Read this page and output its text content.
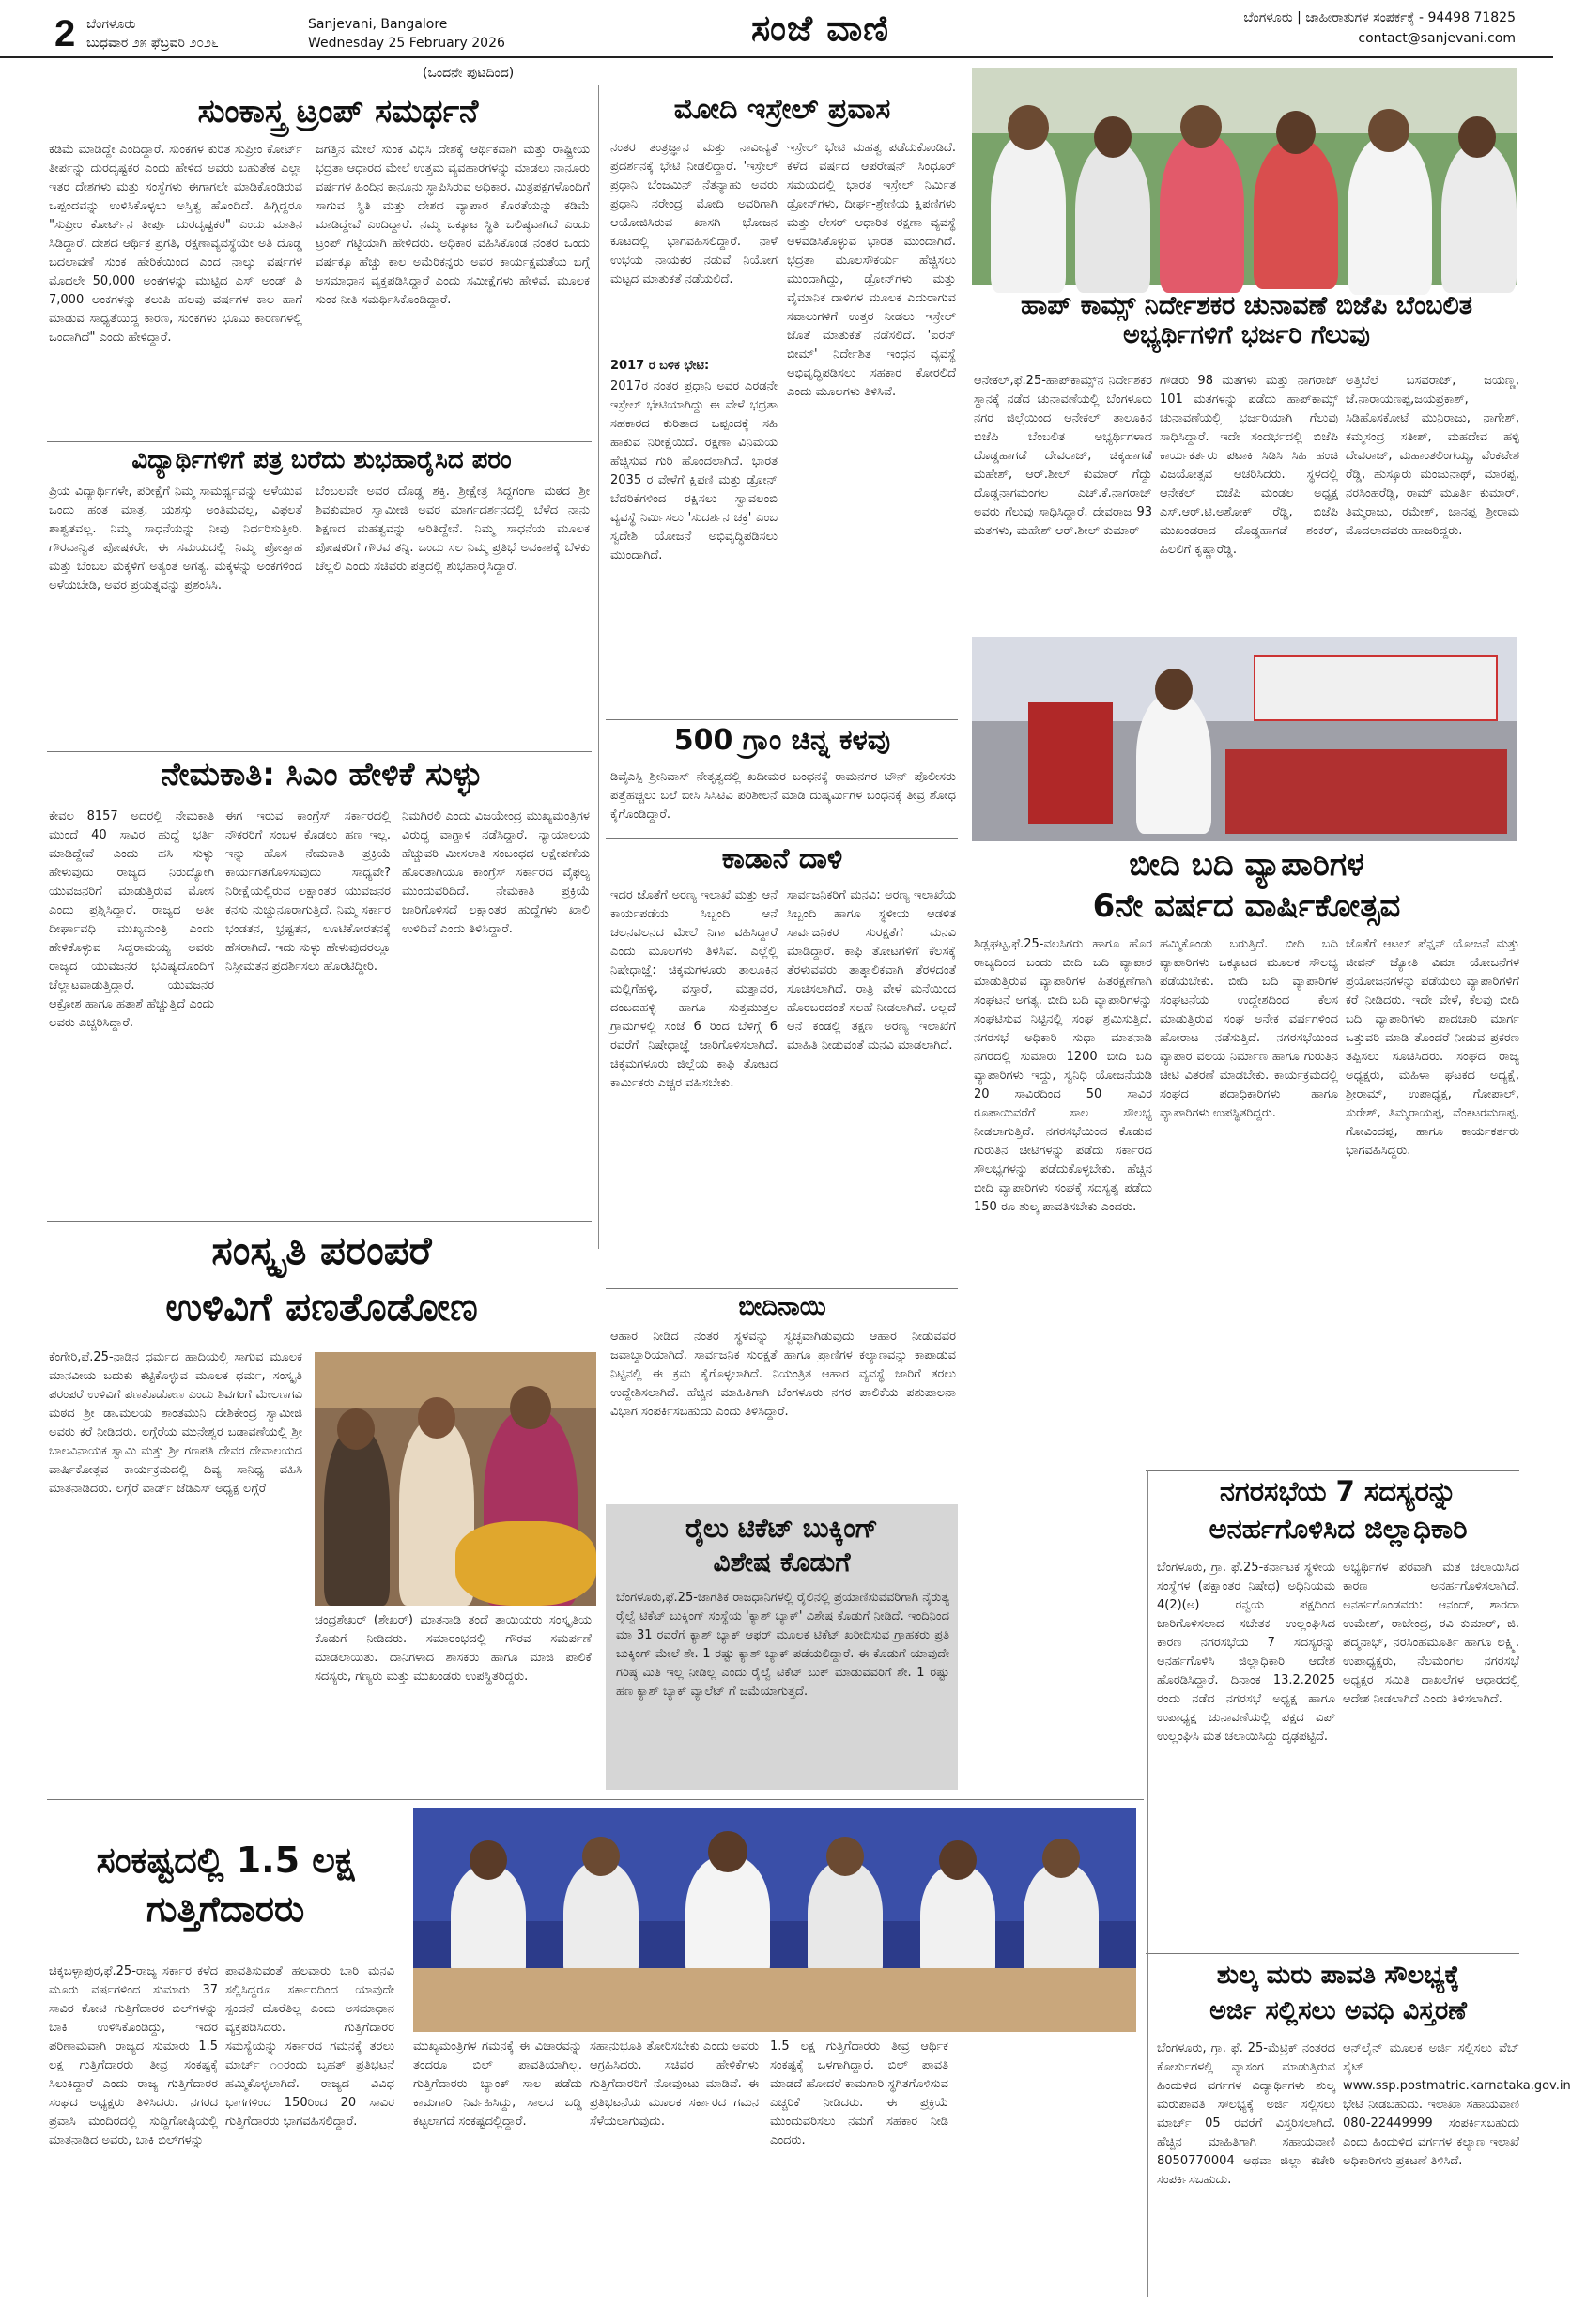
2 ಬೆಂಗಳೂರು
ಬುಧವಾರ ೨೫ ಫೆಬ್ರವರಿ ೨೦೨೬
Sanjevani, Bangalore
Wednesday 25 February 2026	ಸಂಜೆ ವಾಣಿ	ಬೆಂಗಳೂರು | ಜಾಹೀರಾತುಗಳ ಸಂಪರ್ಕಕ್ಕೆ - 94498 71825
contact@sanjevani.com
(ಒಂದನೇ ಪುಟದಿಂದ)
ಸುಂಕಾಸ್ತ್ರ ಟ್ರಂಪ್ ಸಮರ್ಥನೆ
ಕಡಿಮೆ ಮಾಡಿದ್ದೇ ಎಂದಿದ್ದಾರೆ. ಸುಂಕಗಳ ಕುರಿತ ಸುಪ್ರೀಂ ಕೋರ್ಟ್ ತೀರ್ಪನ್ನು ದುರದೃಷ್ಟಕರ ಎಂದು ಹೇಳಿದ ಅವರು ಬಹುತೇಕ ಎಲ್ಲಾ ಇತರ ದೇಶಗಳು ಮತ್ತು ಸಂಸ್ಥೆಗಳು ಈಗಾಗಲೇ ಮಾಡಿಕೊಂಡಿರುವ ಒಪ್ಪಂದವನ್ನು ಉಳಿಸಿಕೊಳ್ಳಲು ಅಸ್ತಿತ್ವ ಹೊಂದಿದೆ. ಹಿಗ್ಗಿದ್ದರೂ "ಸುಪ್ರೀಂ ಕೋರ್ಟ್‌ನ ತೀರ್ಪು ದುರದೃಷ್ಟಕರ" ಎಂದು ಮಾತಿನ ಸಿಡಿದ್ದಾರೆ. ದೇಶದ ಆರ್ಥಿಕ ಪ್ರಗತಿ, ರಕ್ಷಣಾವ್ಯವಸ್ಥೆಯೇ ಅತಿ ದೊಡ್ಡ ಬದಲಾವಣೆ ಸುಂಕ ಹೇರಿಕೆಯಿಂದ ಎಂದ ನಾಲ್ಕು ವರ್ಷಗಳ ಮೊದಲೇ 50,000 ಅಂಕಗಳನ್ನು ಮುಟ್ಟಿದ ಎಸ್ ಅಂಡ್ ಪಿ 7,000 ಅಂಕಗಳನ್ನು ತಲುಪಿ ಹಲವು ವರ್ಷಗಳ ಕಾಲ ಹಾಗೆ ಮಾಡುವ ಸಾಧ್ಯತೆಯಿದ್ದ ಕಾರಣ, ಸುಂಕಗಳು ಭೂಮಿ ಕಾರಣಗಳಲ್ಲಿ ಒಂದಾಗಿದೆ" ಎಂದು ಹೇಳಿದ್ದಾರೆ.
ಜಗತ್ತಿನ ಮೇಲೆ ಸುಂಕ ವಿಧಿಸಿ ದೇಶಕ್ಕೆ ಆರ್ಥಿಕವಾಗಿ ಮತ್ತು ರಾಷ್ಟ್ರೀಯ ಭದ್ರತಾ ಆಧಾರದ ಮೇಲೆ ಉತ್ತಮ ವ್ಯವಹಾರಗಳನ್ನು ಮಾಡಲು ನಾನೂರು ವರ್ಷಗಳ ಹಿಂದಿನ ಕಾನೂನು ಸ್ಥಾಪಿಸಿರುವ ಅಧಿಕಾರ. ಮಿತ್ರಪಕ್ಷಗಳೊಂದಿಗೆ ಸಾಗುವ ಸ್ಥಿತಿ ಮತ್ತು ದೇಶದ ವ್ಯಾಪಾರ ಕೊರತೆಯನ್ನು ಕಡಿಮೆ ಮಾಡಿದ್ದೇವೆ ಎಂದಿದ್ದಾರೆ. ನಮ್ಮ ಒಕ್ಕೂಟ ಸ್ಥಿತಿ ಬಲಿಷ್ಠವಾಗಿದೆ ಎಂದು ಟ್ರಂಪ್ ಗಟ್ಟಿಯಾಗಿ ಹೇಳಿದರು. ಅಧಿಕಾರ ವಹಿಸಿಕೊಂಡ ನಂತರ ಒಂದು ವರ್ಷಕ್ಕೂ ಹೆಚ್ಚು ಕಾಲ ಅಮೆರಿಕನ್ನರು ಅವರ ಕಾರ್ಯಕ್ಷಮತೆಯ ಬಗ್ಗೆ ಅಸಮಾಧಾನ ವ್ಯಕ್ತಪಡಿಸಿದ್ದಾರೆ ಎಂದು ಸಮೀಕ್ಷೆಗಳು ಹೇಳಿವೆ. ಮೂಲಕ ಸುಂಕ ನೀತಿ ಸಮರ್ಥಿಸಿಕೊಂಡಿದ್ದಾರೆ.
ವಿದ್ಯಾರ್ಥಿಗಳಿಗೆ ಪತ್ರ ಬರೆದು ಶುಭಹಾರೈಸಿದ ಪರಂ
ಪ್ರಿಯ ವಿದ್ಯಾರ್ಥಿಗಳೇ, ಪರೀಕ್ಷೆಗೆ ನಿಮ್ಮ ಸಾಮರ್ಥ್ಯವನ್ನು ಅಳೆಯುವ ಒಂದು ಹಂತ ಮಾತ್ರ. ಯಶಸ್ಸು ಅಂತಿಮವಲ್ಲ, ವಿಫಲತೆ ಶಾಶ್ವತವಲ್ಲ. ನಿಮ್ಮ ಸಾಧನೆಯನ್ನು ನೀವು ನಿರ್ಧರಿಸುತ್ತೀರಿ. ಗೌರವಾನ್ವಿತ ಪೋಷಕರೇ, ಈ ಸಮಯದಲ್ಲಿ ನಿಮ್ಮ ಪ್ರೋತ್ಸಾಹ ಮತ್ತು ಬೆಂಬಲ ಮಕ್ಕಳಿಗೆ ಅತ್ಯಂತ ಅಗತ್ಯ. ಮಕ್ಕಳನ್ನು ಅಂಕಗಳಿಂದ ಅಳೆಯಬೇಡಿ, ಅವರ ಪ್ರಯತ್ನವನ್ನು ಪ್ರಶಂಸಿಸಿ.
ಬೆಂಬಲವೇ ಅವರ ದೊಡ್ಡ ಶಕ್ತಿ. ಶ್ರೀಕ್ಷೇತ್ರ ಸಿದ್ಧಗಂಗಾ ಮಠದ ಶ್ರೀ ಶಿವಕುಮಾರ ಸ್ವಾಮೀಜಿ ಅವರ ಮಾರ್ಗದರ್ಶನದಲ್ಲಿ ಬೆಳೆದ ನಾನು ಶಿಕ್ಷಣದ ಮಹತ್ವವನ್ನು ಅರಿತಿದ್ದೇನೆ. ನಿಮ್ಮ ಸಾಧನೆಯ ಮೂಲಕ ಪೋಷಕರಿಗೆ ಗೌರವ ತನ್ನಿ. ಒಂದು ಸಲ ನಿಮ್ಮ ಪ್ರತಿಭೆ ಅವಕಾಶಕ್ಕೆ ಬೆಳಕು ಚೆಲ್ಲಲಿ ಎಂದು ಸಚಿವರು ಪತ್ರದಲ್ಲಿ ಶುಭಹಾರೈಸಿದ್ದಾರೆ.
ನೇಮಕಾತಿ: ಸಿಎಂ ಹೇಳಿಕೆ ಸುಳ್ಳು
ಕೇವಲ 8157 ಅದರಲ್ಲಿ ನೇಮಕಾತಿ ಮುಂದೆ 40 ಸಾವಿರ ಹುದ್ದೆ ಭರ್ತಿ ಮಾಡಿದ್ದೇವೆ ಎಂದು ಹಸಿ ಸುಳ್ಳು ಹೇಳುವುದು ರಾಜ್ಯದ ನಿರುದ್ಯೋಗಿ ಯುವಜನರಿಗೆ ಮಾಡುತ್ತಿರುವ ಮೋಸ ಎಂದು ಪ್ರಶ್ನಿಸಿದ್ದಾರೆ. ರಾಜ್ಯದ ಅತೀ ದೀರ್ಘಾವಧಿ ಮುಖ್ಯಮಂತ್ರಿ ಎಂದು ಹೇಳಿಕೊಳ್ಳುವ ಸಿದ್ದರಾಮಯ್ಯ ಅವರು ರಾಜ್ಯದ ಯುವಜನರ ಭವಿಷ್ಯದೊಂದಿಗೆ ಚೆಲ್ಲಾಟವಾಡುತ್ತಿದ್ದಾರೆ. ಯುವಜನರ ಆಕ್ರೋಶ ಹಾಗೂ ಹತಾಶೆ ಹೆಚ್ಚುತ್ತಿದೆ ಎಂದು ಅವರು ಎಚ್ಚರಿಸಿದ್ದಾರೆ.
ಈಗ ಇರುವ ಕಾಂಗ್ರೆಸ್ ಸರ್ಕಾರದಲ್ಲಿ ನೌಕರರಿಗೆ ಸಂಬಳ ಕೊಡಲು ಹಣ ಇಲ್ಲ. ಇನ್ನು ಹೊಸ ನೇಮಕಾತಿ ಪ್ರಕ್ರಿಯೆ ಕಾರ್ಯಗತಗೊಳಿಸುವುದು ಸಾಧ್ಯವೇ? ನಿರೀಕ್ಷೆಯಲ್ಲಿರುವ ಲಕ್ಷಾಂತರ ಯುವಜನರ ಕನಸು ನುಚ್ಚುನೂರಾಗುತ್ತಿದೆ. ನಿಮ್ಮ ಸರ್ಕಾರ ಭಂಡತನ, ಭ್ರಷ್ಟತನ, ಲೂಟಿಕೋರತನಕ್ಕೆ ಹೆಸರಾಗಿದೆ. ಇದು ಸುಳ್ಳು ಹೇಳುವುದರಲ್ಲೂ ನಿಸ್ಸೀಮತನ ಪ್ರದರ್ಶಿಸಲು ಹೊರಟಿದ್ದೀರಿ.
ನಿಮಗಿರಲಿ ಎಂದು ವಿಜಯೇಂದ್ರ ಮುಖ್ಯಮಂತ್ರಿಗಳ ವಿರುದ್ಧ ವಾಗ್ದಾಳಿ ನಡೆಸಿದ್ದಾರೆ. ನ್ಯಾಯಾಲಯ ಹೆಚ್ಚುವರಿ ಮೀಸಲಾತಿ ಸಂಬಂಧದ ಆಕ್ಷೇಪಣೆಯ ಹೊರತಾಗಿಯೂ ಕಾಂಗ್ರೆಸ್ ಸರ್ಕಾರದ ವೈಫಲ್ಯ ಮುಂದುವರಿದಿದೆ. ನೇಮಕಾತಿ ಪ್ರಕ್ರಿಯೆ ಜಾರಿಗೊಳಿಸದೆ ಲಕ್ಷಾಂತರ ಹುದ್ದೆಗಳು ಖಾಲಿ ಉಳಿದಿವೆ ಎಂದು ತಿಳಿಸಿದ್ದಾರೆ.
ಸಂಸ್ಕೃತಿ ಪರಂಪರೆ
ಉಳಿವಿಗೆ ಪಣತೊಡೋಣ
ಕೆಂಗೇರಿ,ಫೆ.25-ನಾಡಿನ ಧರ್ಮದ ಹಾದಿಯಲ್ಲಿ ಸಾಗುವ ಮೂಲಕ ಮಾನವೀಯ ಬದುಕು ಕಟ್ಟಿಕೊಳ್ಳುವ ಮೂಲಕ ಧರ್ಮ, ಸಂಸ್ಕೃತಿ ಪರಂಪರೆ ಉಳಿವಿಗೆ ಪಣತೊಡೋಣ ಎಂದು ಶಿವಗಂಗೆ ಮೇಲಣಗವಿ ಮಠದ ಶ್ರೀ ಡಾ.ಮಲಯ ಶಾಂತಮುನಿ ದೇಶಿಕೇಂದ್ರ ಸ್ವಾಮೀಜಿ ಅವರು ಕರೆ ನೀಡಿದರು. ಲಗ್ಗೆರೆಯ ಮುನೇಶ್ವರ ಬಡಾವಣೆಯಲ್ಲಿ ಶ್ರೀ ಬಾಲವಿನಾಯಕ ಸ್ವಾಮಿ ಮತ್ತು ಶ್ರೀ ಗಣಪತಿ ದೇವರ ದೇವಾಲಯದ ವಾರ್ಷಿಕೋತ್ಸವ ಕಾರ್ಯಕ್ರಮದಲ್ಲಿ ದಿವ್ಯ ಸಾನಿಧ್ಯ ವಹಿಸಿ ಮಾತನಾಡಿದರು. ಲಗ್ಗೆರೆ ವಾರ್ಡ್ ಜೆಡಿಎಸ್ ಅಧ್ಯಕ್ಷ ಲಗ್ಗೆರೆ
ಚಂದ್ರಶೇಖರ್ (ಶೇಖರ್) ಮಾತನಾಡಿ ತಂದೆ ತಾಯಿಯರು ಸಂಸ್ಕೃತಿಯ ಕೊಡುಗೆ ನೀಡಿದರು. ಸಮಾರಂಭದಲ್ಲಿ ಗೌರವ ಸಮರ್ಪಣೆ ಮಾಡಲಾಯಿತು. ದಾನಿಗಳಾದ ಶಾಸಕರು ಹಾಗೂ ಮಾಜಿ ಪಾಲಿಕೆ ಸದಸ್ಯರು, ಗಣ್ಯರು ಮತ್ತು ಮುಖಂಡರು ಉಪಸ್ಥಿತರಿದ್ದರು.
ಮೋದಿ ಇಸ್ರೇಲ್ ಪ್ರವಾಸ
ನಂತರ ತಂತ್ರಜ್ಞಾನ ಮತ್ತು ನಾವೀನ್ಯತೆ ಪ್ರದರ್ಶನಕ್ಕೆ ಭೇಟಿ ನೀಡಲಿದ್ದಾರೆ. 'ಇಸ್ರೇಲ್ ಪ್ರಧಾನಿ ಬೆಂಜಮಿನ್ ನೆತನ್ಯಾಹು ಅವರು ಪ್ರಧಾನಿ ನರೇಂದ್ರ ಮೋದಿ ಅವರಿಗಾಗಿ ಆಯೋಜಿಸಿರುವ ಖಾಸಗಿ ಭೋಜನ ಕೂಟದಲ್ಲಿ ಭಾಗವಹಿಸಲಿದ್ದಾರೆ. ನಾಳೆ ಉಭಯ ನಾಯಕರ ನಡುವೆ ನಿಯೋಗ ಮಟ್ಟದ ಮಾತುಕತೆ ನಡೆಯಲಿದೆ.
2017 ರ ಬಳಿಕ ಭೇಟಿ:
2017ರ ನಂತರ ಪ್ರಧಾನಿ ಅವರ ಎರಡನೇ ಇಸ್ರೇಲ್ ಭೇಟಿಯಾಗಿದ್ದು ಈ ವೇಳೆ ಭದ್ರತಾ ಸಹಕಾರದ ಕುರಿತಾದ ಒಪ್ಪಂದಕ್ಕೆ ಸಹಿ ಹಾಕುವ ನಿರೀಕ್ಷೆಯಿದೆ. ರಕ್ಷಣಾ ವಿನಿಮಯ ಹೆಚ್ಚಿಸುವ ಗುರಿ ಹೊಂದಲಾಗಿದೆ. ಭಾರತ 2035 ರ ವೇಳೆಗೆ ಕ್ಷಿಪಣಿ ಮತ್ತು ಡ್ರೋನ್ ಬೆದರಿಕೆಗಳಿಂದ ರಕ್ಷಿಸಲು ಸ್ವಾವಲಂಬಿ ವ್ಯವಸ್ಥೆ ನಿರ್ಮಿಸಲು 'ಸುದರ್ಶನ ಚಕ್ರ' ಎಂಬ ಸ್ವದೇಶಿ ಯೋಜನೆ ಅಭಿವೃದ್ಧಿಪಡಿಸಲು ಮುಂದಾಗಿದೆ.
ಇಸ್ರೇಲ್ ಭೇಟಿ ಮಹತ್ವ ಪಡೆದುಕೊಂಡಿದೆ. ಕಳೆದ ವರ್ಷದ ಆಪರೇಷನ್ ಸಿಂಧೂರ್ ಸಮಯದಲ್ಲಿ ಭಾರತ ಇಸ್ರೇಲ್ ನಿರ್ಮಿತ ಡ್ರೋನ್‌ಗಳು, ದೀರ್ಘ-ಶ್ರೇಣಿಯ ಕ್ಷಿಪಣಿಗಳು ಮತ್ತು ಲೇಸರ್ ಆಧಾರಿತ ರಕ್ಷಣಾ ವ್ಯವಸ್ಥೆ ಅಳವಡಿಸಿಕೊಳ್ಳುವ ಭಾರತ ಮುಂದಾಗಿದೆ. ಭದ್ರತಾ ಮೂಲಸೌಕರ್ಯ ಹೆಚ್ಚಿಸಲು ಮುಂದಾಗಿದ್ದು, ಡ್ರೋನ್‌ಗಳು ಮತ್ತು ವೈಮಾನಿಕ ದಾಳಿಗಳ ಮೂಲಕ ಎದುರಾಗುವ ಸವಾಲುಗಳಿಗೆ ಉತ್ತರ ನೀಡಲು ಇಸ್ರೇಲ್ ಜೊತೆ ಮಾತುಕತೆ ನಡೆಸಲಿದೆ. 'ಐರನ್ ಬೀಮ್' ನಿರ್ದೇಶಿತ ಇಂಧನ ವ್ಯವಸ್ಥೆ ಅಭಿವೃದ್ಧಿಪಡಿಸಲು ಸಹಕಾರ ಕೋರಲಿದೆ ಎಂದು ಮೂಲಗಳು ತಿಳಿಸಿವೆ.
500 ಗ್ರಾಂ ಚಿನ್ನ ಕಳವು
ಡಿವೈಎಸ್ಪಿ ಶ್ರೀನಿವಾಸ್ ನೇತೃತ್ವದಲ್ಲಿ ಖದೀಮರ ಬಂಧನಕ್ಕೆ ರಾಮನಗರ ಟೌನ್ ಪೊಲೀಸರು ಪತ್ತೆಹಚ್ಚಲು ಬಲೆ ಬೀಸಿ ಸಿಸಿಟಿವಿ ಪರಿಶೀಲನೆ ಮಾಡಿ ದುಷ್ಕರ್ಮಿಗಳ ಬಂಧನಕ್ಕೆ ತೀವ್ರ ಶೋಧ ಕೈಗೊಂಡಿದ್ದಾರೆ.
ಕಾಡಾನೆ ದಾಳಿ
ಇದರ ಜೊತೆಗೆ ಅರಣ್ಯ ಇಲಾಖೆ ಮತ್ತು ಆನೆ ಕಾರ್ಯಪಡೆಯ ಸಿಬ್ಬಂದಿ ಆನೆ ಚಲನವಲನದ ಮೇಲೆ ನಿಗಾ ವಹಿಸಿದ್ದಾರೆ ಎಂದು ಮೂಲಗಳು ತಿಳಿಸಿವೆ. ಎಲ್ಲೆಲ್ಲಿ ನಿಷೇಧಾಜ್ಞೆ: ಚಿಕ್ಕಮಗಳೂರು ತಾಲೂಕಿನ ಮಲ್ಲಿಗೆಹಳ್ಳಿ, ವಸ್ತಾರೆ, ಮತ್ತಾವರ, ದಂಬದಹಳ್ಳಿ ಹಾಗೂ ಸುತ್ತಮುತ್ತಲ ಗ್ರಾಮಗಳಲ್ಲಿ ಸಂಜೆ 6 ರಿಂದ ಬೆಳಿಗ್ಗೆ 6 ರವರೆಗೆ ನಿಷೇಧಾಜ್ಞೆ ಜಾರಿಗೊಳಿಸಲಾಗಿದೆ. ಚಿಕ್ಕಮಗಳೂರು ಜಿಲ್ಲೆಯ ಕಾಫಿ ತೋಟದ ಕಾರ್ಮಿಕರು ಎಚ್ಚರ ವಹಿಸಬೇಕು.
ಸಾರ್ವಜನಿಕರಿಗೆ ಮನವಿ: ಅರಣ್ಯ ಇಲಾಖೆಯ ಸಿಬ್ಬಂದಿ ಹಾಗೂ ಸ್ಥಳೀಯ ಆಡಳಿತ ಸಾರ್ವಜನಿಕರ ಸುರಕ್ಷತೆಗೆ ಮನವಿ ಮಾಡಿದ್ದಾರೆ. ಕಾಫಿ ತೋಟಗಳಿಗೆ ಕೆಲಸಕ್ಕೆ ತೆರಳುವವರು ತಾತ್ಕಾಲಿಕವಾಗಿ ತೆರಳದಂತೆ ಸೂಚಿಸಲಾಗಿದೆ. ರಾತ್ರಿ ವೇಳೆ ಮನೆಯಿಂದ ಹೊರಬರದಂತೆ ಸಲಹೆ ನೀಡಲಾಗಿದೆ. ಅಲ್ಲದೆ ಆನೆ ಕಂಡಲ್ಲಿ ತಕ್ಷಣ ಅರಣ್ಯ ಇಲಾಖೆಗೆ ಮಾಹಿತಿ ನೀಡುವಂತೆ ಮನವಿ ಮಾಡಲಾಗಿದೆ.
ಬೀದಿನಾಯಿ
ಆಹಾರ ನೀಡಿದ ನಂತರ ಸ್ಥಳವನ್ನು ಸ್ವಚ್ಛವಾಗಿಡುವುದು ಆಹಾರ ನೀಡುವವರ ಜವಾಬ್ದಾರಿಯಾಗಿದೆ. ಸಾರ್ವಜನಿಕ ಸುರಕ್ಷತೆ ಹಾಗೂ ಪ್ರಾಣಿಗಳ ಕಲ್ಯಾಣವನ್ನು ಕಾಪಾಡುವ ನಿಟ್ಟಿನಲ್ಲಿ ಈ ಕ್ರಮ ಕೈಗೊಳ್ಳಲಾಗಿದೆ. ನಿಯಂತ್ರಿತ ಆಹಾರ ವ್ಯವಸ್ಥೆ ಜಾರಿಗೆ ತರಲು ಉದ್ದೇಶಿಸಲಾಗಿದೆ. ಹೆಚ್ಚಿನ ಮಾಹಿತಿಗಾಗಿ ಬೆಂಗಳೂರು ನಗರ ಪಾಲಿಕೆಯ ಪಶುಪಾಲನಾ ವಿಭಾಗ ಸಂಪರ್ಕಿಸಬಹುದು ಎಂದು ತಿಳಿಸಿದ್ದಾರೆ.
ರೈಲು ಟಿಕೆಟ್ ಬುಕ್ಕಿಂಗ್
ವಿಶೇಷ ಕೊಡುಗೆ
ಬೆಂಗಳೂರು,ಫೆ.25-ಜಾಗತಿಕ ರಾಜಧಾನಿಗಳಲ್ಲಿ ರೈಲಿನಲ್ಲಿ ಪ್ರಯಾಣಿಸುವವರಿಗಾಗಿ ನೈರುತ್ಯ ರೈಲ್ವೆ ಟಿಕೆಟ್ ಬುಕ್ಕಿಂಗ್ ಸಂಸ್ಥೆಯ 'ಕ್ಯಾಶ್ ಬ್ಯಾಕ್' ವಿಶೇಷ ಕೊಡುಗೆ ನೀಡಿದೆ. ಇಂದಿನಿಂದ ಮಾ 31 ರವರೆಗೆ ಕ್ಯಾಶ್ ಬ್ಯಾಕ್ ಆಫರ್ ಮೂಲಕ ಟಿಕೆಟ್ ಖರೀದಿಸುವ ಗ್ರಾಹಕರು ಪ್ರತಿ ಬುಕ್ಕಿಂಗ್ ಮೇಲೆ ಶೇ. 1 ರಷ್ಟು ಕ್ಯಾಶ್ ಬ್ಯಾಕ್ ಪಡೆಯಲಿದ್ದಾರೆ. ಈ ಕೊಡುಗೆ ಯಾವುದೇ ಗರಿಷ್ಠ ಮಿತಿ ಇಲ್ಲ ನೀಡಿಲ್ಲ ಎಂದು ರೈಲ್ವೆ ಟಿಕೆಟ್ ಬುಕ್ ಮಾಡುವವರಿಗೆ ಶೇ. 1 ರಷ್ಟು ಹಣ ಕ್ಯಾಶ್ ಬ್ಯಾಕ್ ವ್ಯಾಲೆಟ್ ಗೆ ಜಮೆಯಾಗುತ್ತದೆ.
ಹಾಪ್ ಕಾಮ್ಸ್ ನಿರ್ದೇಶಕರ ಚುನಾವಣೆ ಬಿಜೆಪಿ ಬೆಂಬಲಿತ ಅಭ್ಯರ್ಥಿಗಳಿಗೆ ಭರ್ಜರಿ ಗೆಲುವು
ಆನೇಕಲ್,ಫೆ.25-ಹಾಪ್‌ಕಾಮ್ಸ್‌ನ ನಿರ್ದೇಶಕರ ಸ್ಥಾನಕ್ಕೆ ನಡೆದ ಚುನಾವಣೆಯಲ್ಲಿ ಬೆಂಗಳೂರು ನಗರ ಜಿಲ್ಲೆಯಿಂದ ಆನೇಕಲ್ ತಾಲೂಕಿನ ಬಿಜೆಪಿ ಬೆಂಬಲಿತ ಅಭ್ಯರ್ಥಿಗಳಾದ ದೊಡ್ಡಹಾಗಡೆ ದೇವರಾಜ್, ಚಿಕ್ಕಹಾಗಡೆ ಮಹೇಶ್, ಆರ್.ಶೀಲ್ ಕುಮಾರ್ ಗೆದ್ದು ದೊಡ್ಡನಾಗಮಂಗಲ ಎಚ್.ಕೆ.ನಾಗರಾಜ್ ಅವರು ಗೆಲುವು ಸಾಧಿಸಿದ್ದಾರೆ. ದೇವರಾಜ 93 ಮತಗಳು, ಮಹೇಶ್ ಆರ್.ಶೀಲ್ ಕುಮಾರ್
ಗೌಡರು 98 ಮತಗಳು ಮತ್ತು ನಾಗರಾಜ್ 101 ಮತಗಳನ್ನು ಪಡೆದು ಹಾಪ್‌ಕಾಮ್ಸ್ ಚುನಾವಣೆಯಲ್ಲಿ ಭರ್ಜರಿಯಾಗಿ ಗೆಲುವು ಸಾಧಿಸಿದ್ದಾರೆ. ಇದೇ ಸಂದರ್ಭದಲ್ಲಿ ಬಿಜೆಪಿ ಕಾರ್ಯಕರ್ತರು ಪಟಾಕಿ ಸಿಡಿಸಿ ಸಿಹಿ ಹಂಚಿ ವಿಜಯೋತ್ಸವ ಆಚರಿಸಿದರು. ಸ್ಥಳದಲ್ಲಿ ಆನೇಕಲ್ ಬಿಜೆಪಿ ಮಂಡಲ ಅಧ್ಯಕ್ಷ ಎಸ್.ಆರ್.ಟಿ.ಅಶೋಕ್ ರೆಡ್ಡಿ, ಬಿಜೆಪಿ ಮುಖಂಡರಾದ ದೊಡ್ಡಹಾಗಡೆ ಶಂಕರ್, ಹಿಲಲಿಗೆ ಕೃಷ್ಣಾರೆಡ್ಡಿ.
ಅತ್ತಿಬೆಲೆ ಬಸವರಾಜ್, ಜಯಣ್ಣ, ಜೆ.ನಾರಾಯಣಪ್ಪ,ಜಯಪ್ರಕಾಶ್, ಸಿಡಿಹೊಸಕೋಟೆ ಮುನಿರಾಜು, ನಾಗೇಶ್, ಕಮ್ಮಸಂದ್ರ ಸತೀಶ್, ಮಹದೇವ ಹಳ್ಳಿ ದೇವರಾಜ್, ಮಹಾಂತಲಿಂಗಯ್ಯ, ವೆಂಕಟೇಶ ರೆಡ್ಡಿ, ಹುಸ್ಕೂರು ಮಂಜುನಾಥ್, ಮಾರಪ್ಪ, ನರಸಿಂಹರೆಡ್ಡಿ, ರಾಮ್ ಮೂರ್ತಿ ಕುಮಾರ್, ತಿಮ್ಮರಾಜು, ರಮೇಶ್, ಜಾನಪ್ಪ ಶ್ರೀರಾಮ ಮೊದಲಾದವರು ಹಾಜರಿದ್ದರು.
ಬೀದಿ ಬದಿ ವ್ಯಾಪಾರಿಗಳ
6ನೇ ವರ್ಷದ ವಾರ್ಷಿಕೋತ್ಸವ
ಶಿಡ್ಲಘಟ್ಟ,ಫೆ.25-ವಲಸಿಗರು ಹಾಗೂ ಹೊರ ರಾಜ್ಯದಿಂದ ಬಂದು ಬೀದಿ ಬದಿ ವ್ಯಾಪಾರ ಮಾಡುತ್ತಿರುವ ವ್ಯಾಪಾರಿಗಳ ಹಿತರಕ್ಷಣೆಗಾಗಿ ಸಂಘಟನೆ ಅಗತ್ಯ. ಬೀದಿ ಬದಿ ವ್ಯಾಪಾರಿಗಳನ್ನು ಸಂಘಟಿಸುವ ನಿಟ್ಟಿನಲ್ಲಿ ಸಂಘ ಶ್ರಮಿಸುತ್ತಿದೆ. ನಗರಸಭೆ ಅಧಿಕಾರಿ ಸುಧಾ ಮಾತನಾಡಿ ನಗರದಲ್ಲಿ ಸುಮಾರು 1200 ಬೀದಿ ಬದಿ ವ್ಯಾಪಾರಿಗಳು ಇದ್ದು, ಸ್ವನಿಧಿ ಯೋಜನೆಯಡಿ 20 ಸಾವಿರದಿಂದ 50 ಸಾವಿರ ರೂಪಾಯಿವರೆಗೆ ಸಾಲ ಸೌಲಭ್ಯ ನೀಡಲಾಗುತ್ತಿದೆ. ನಗರಸಭೆಯಿಂದ ಕೊಡುವ ಗುರುತಿನ ಚೀಟಿಗಳನ್ನು ಪಡೆದು ಸರ್ಕಾರದ ಸೌಲಭ್ಯಗಳನ್ನು ಪಡೆದುಕೊಳ್ಳಬೇಕು. ಹೆಚ್ಚಿನ ಬೀದಿ ವ್ಯಾಪಾರಿಗಳು ಸಂಘಕ್ಕೆ ಸದಸ್ಯತ್ವ ಪಡೆದು 150 ರೂ ಶುಲ್ಕ ಪಾವತಿಸಬೇಕು ಎಂದರು.
ಹಮ್ಮಿಕೊಂಡು ಬರುತ್ತಿದೆ. ಬೀದಿ ಬದಿ ವ್ಯಾಪಾರಿಗಳು ಒಕ್ಕೂಟದ ಮೂಲಕ ಸೌಲಭ್ಯ ಪಡೆಯಬೇಕು. ಬೀದಿ ಬದಿ ವ್ಯಾಪಾರಿಗಳ ಸಂಘಟನೆಯ ಉದ್ದೇಶದಿಂದ ಕೆಲಸ ಮಾಡುತ್ತಿರುವ ಸಂಘ ಅನೇಕ ವರ್ಷಗಳಿಂದ ಹೋರಾಟ ನಡೆಸುತ್ತಿದೆ. ನಗರಸಭೆಯಿಂದ ವ್ಯಾಪಾರ ವಲಯ ನಿರ್ಮಾಣ ಹಾಗೂ ಗುರುತಿನ ಚೀಟಿ ವಿತರಣೆ ಮಾಡಬೇಕು. ಕಾರ್ಯಕ್ರಮದಲ್ಲಿ ಸಂಘದ ಪದಾಧಿಕಾರಿಗಳು ಹಾಗೂ ವ್ಯಾಪಾರಿಗಳು ಉಪಸ್ಥಿತರಿದ್ದರು.
ಜೊತೆಗೆ ಆಟಲ್ ಪೆನ್ಷನ್ ಯೋಜನೆ ಮತ್ತು ಜೀವನ್ ಜ್ಯೋತಿ ವಿಮಾ ಯೋಜನೆಗಳ ಪ್ರಯೋಜನಗಳನ್ನು ಪಡೆಯಲು ವ್ಯಾಪಾರಿಗಳಿಗೆ ಕರೆ ನೀಡಿದರು. ಇದೇ ವೇಳೆ, ಕೆಲವು ಬೀದಿ ಬದಿ ವ್ಯಾಪಾರಿಗಳು ಪಾದಚಾರಿ ಮಾರ್ಗ ಒತ್ತುವರಿ ಮಾಡಿ ತೊಂದರೆ ನೀಡುವ ಪ್ರಕರಣ ತಪ್ಪಿಸಲು ಸೂಚಿಸಿದರು. ಸಂಘದ ರಾಜ್ಯ ಅಧ್ಯಕ್ಷರು, ಮಹಿಳಾ ಘಟಕದ ಅಧ್ಯಕ್ಷೆ, ಶ್ರೀರಾಮ್, ಉಪಾಧ್ಯಕ್ಷ, ಗೋಪಾಲ್, ಸುರೇಶ್, ತಿಮ್ಮರಾಯಪ್ಪ, ವೆಂಕಟರಮಣಪ್ಪ, ಗೋವಿಂದಪ್ಪ, ಹಾಗೂ ಕಾರ್ಯಕರ್ತರು ಭಾಗವಹಿಸಿದ್ದರು.
ನಗರಸಭೆಯ 7 ಸದಸ್ಯರನ್ನು
ಅನರ್ಹಗೊಳಿಸಿದ ಜಿಲ್ಲಾಧಿಕಾರಿ
ಬೆಂಗಳೂರು, ಗ್ರಾ. ಫೆ.25-ಕರ್ನಾಟಕ ಸ್ಥಳೀಯ ಸಂಸ್ಥೆಗಳ (ಪಕ್ಷಾಂತರ ನಿಷೇಧ) ಅಧಿನಿಯಮ 4(2)(ಅ) ರನ್ವಯ ಪಕ್ಷದಿಂದ ಜಾರಿಗೊಳಿಸಲಾದ ಸಚೇತಕ ಉಲ್ಲಂಘಿಸಿದ ಕಾರಣ ನಗರಸಭೆಯ 7 ಸದಸ್ಯರನ್ನು ಅನರ್ಹಗೊಳಿಸಿ ಜಿಲ್ಲಾಧಿಕಾರಿ ಆದೇಶ ಹೊರಡಿಸಿದ್ದಾರೆ. ದಿನಾಂಕ 13.2.2025 ರಂದು ನಡೆದ ನಗರಸಭೆ ಅಧ್ಯಕ್ಷ ಹಾಗೂ ಉಪಾಧ್ಯಕ್ಷ ಚುನಾವಣೆಯಲ್ಲಿ ಪಕ್ಷದ ವಿಪ್ ಉಲ್ಲಂಘಿಸಿ ಮತ ಚಲಾಯಿಸಿದ್ದು ದೃಢಪಟ್ಟಿದೆ.
ಅಭ್ಯರ್ಥಿಗಳ ಪರವಾಗಿ ಮತ ಚಲಾಯಿಸಿದ ಕಾರಣ ಅನರ್ಹಗೊಳಿಸಲಾಗಿದೆ. ಅನರ್ಹಗೊಂಡವರು: ಆನಂದ್, ಶಾರದಾ ಉಮೇಶ್, ರಾಜೇಂದ್ರ, ರವಿ ಕುಮಾರ್, ಜಿ. ಪದ್ಮನಾಭ್, ನರಸಿಂಹಮೂರ್ತಿ ಹಾಗೂ ಲಕ್ಷ್ಮಿ. ಉಪಾಧ್ಯಕ್ಷರು, ನೆಲಮಂಗಲ ನಗರಸಭೆ ಅಧ್ಯಕ್ಷರ ಸಮಿತಿ ದಾಖಲೆಗಳ ಆಧಾರದಲ್ಲಿ ಆದೇಶ ನೀಡಲಾಗಿದೆ ಎಂದು ತಿಳಿಸಲಾಗಿದೆ.
ಶುಲ್ಕ ಮರು ಪಾವತಿ ಸೌಲಭ್ಯಕ್ಕೆ
ಅರ್ಜಿ ಸಲ್ಲಿಸಲು ಅವಧಿ ವಿಸ್ತರಣೆ
ಬೆಂಗಳೂರು, ಗ್ರಾ. ಫೆ. 25-ಮೆಟ್ರಿಕ್ ನಂತರದ ಕೋರ್ಸುಗಳಲ್ಲಿ ವ್ಯಾಸಂಗ ಮಾಡುತ್ತಿರುವ ಹಿಂದುಳಿದ ವರ್ಗಗಳ ವಿದ್ಯಾರ್ಥಿಗಳು ಶುಲ್ಕ ಮರುಪಾವತಿ ಸೌಲಭ್ಯಕ್ಕೆ ಅರ್ಜಿ ಸಲ್ಲಿಸಲು ಮಾರ್ಚ್ 05 ರವರೆಗೆ ವಿಸ್ತರಿಸಲಾಗಿದೆ. ಹೆಚ್ಚಿನ ಮಾಹಿತಿಗಾಗಿ ಸಹಾಯವಾಣಿ 8050770004 ಅಥವಾ ಜಿಲ್ಲಾ ಕಚೇರಿ ಸಂಪರ್ಕಿಸಬಹುದು.
ಆನ್‌ಲೈನ್ ಮೂಲಕ ಅರ್ಜಿ ಸಲ್ಲಿಸಲು ವೆಬ್ ಸೈಟ್ www.ssp.postmatric.karnataka.gov.in ಭೇಟಿ ನೀಡಬಹುದು. ಇಲಾಖಾ ಸಹಾಯವಾಣಿ 080-22449999 ಸಂಪರ್ಕಿಸಬಹುದು ಎಂದು ಹಿಂದುಳಿದ ವರ್ಗಗಳ ಕಲ್ಯಾಣ ಇಲಾಖೆ ಅಧಿಕಾರಿಗಳು ಪ್ರಕಟಣೆ ತಿಳಿಸಿದೆ.
ಸಂಕಷ್ಟದಲ್ಲಿ 1.5 ಲಕ್ಷ
ಗುತ್ತಿಗೆದಾರರು
ಚಿಕ್ಕಬಳ್ಳಾಪುರ,ಫೆ.25-ರಾಜ್ಯ ಸರ್ಕಾರ ಕಳೆದ ಮೂರು ವರ್ಷಗಳಿಂದ ಸುಮಾರು 37 ಸಾವಿರ ಕೋಟಿ ಗುತ್ತಿಗೆದಾರರ ಬಿಲ್‌ಗಳನ್ನು ಬಾಕಿ ಉಳಿಸಿಕೊಂಡಿದ್ದು, ಇದರ ಪರಿಣಾಮವಾಗಿ ರಾಜ್ಯದ ಸುಮಾರು 1.5 ಲಕ್ಷ ಗುತ್ತಿಗೆದಾರರು ತೀವ್ರ ಸಂಕಷ್ಟಕ್ಕೆ ಸಿಲುಕಿದ್ದಾರೆ ಎಂದು ರಾಜ್ಯ ಗುತ್ತಿಗೆದಾರರ ಸಂಘದ ಅಧ್ಯಕ್ಷರು ತಿಳಿಸಿದರು. ನಗರದ ಪ್ರವಾಸಿ ಮಂದಿರದಲ್ಲಿ ಸುದ್ದಿಗೋಷ್ಠಿಯಲ್ಲಿ ಮಾತನಾಡಿದ ಅವರು, ಬಾಕಿ ಬಿಲ್‌ಗಳನ್ನು
ಪಾವತಿಸುವಂತೆ ಹಲವಾರು ಬಾರಿ ಮನವಿ ಸಲ್ಲಿಸಿದ್ದರೂ ಸರ್ಕಾರದಿಂದ ಯಾವುದೇ ಸ್ಪಂದನೆ ದೊರೆತಿಲ್ಲ ಎಂದು ಅಸಮಾಧಾನ ವ್ಯಕ್ತಪಡಿಸಿದರು. ಗುತ್ತಿಗೆದಾರರ ಸಮಸ್ಯೆಯನ್ನು ಸರ್ಕಾರದ ಗಮನಕ್ಕೆ ತರಲು ಮಾರ್ಚ್ ೧೦ರಂದು ಬೃಹತ್ ಪ್ರತಿಭಟನೆ ಹಮ್ಮಿಕೊಳ್ಳಲಾಗಿದೆ. ರಾಜ್ಯದ ವಿವಿಧ ಭಾಗಗಳಿಂದ 150ರಿಂದ 20 ಸಾವಿರ ಗುತ್ತಿಗೆದಾರರು ಭಾಗವಹಿಸಲಿದ್ದಾರೆ.
ಮುಖ್ಯಮಂತ್ರಿಗಳ ಗಮನಕ್ಕೆ ಈ ವಿಚಾರವನ್ನು ತಂದರೂ ಬಿಲ್ ಪಾವತಿಯಾಗಿಲ್ಲ. ಗುತ್ತಿಗೆದಾರರು ಬ್ಯಾಂಕ್ ಸಾಲ ಪಡೆದು ಕಾಮಗಾರಿ ನಿರ್ವಹಿಸಿದ್ದು, ಸಾಲದ ಬಡ್ಡಿ ಕಟ್ಟಲಾಗದೆ ಸಂಕಷ್ಟದಲ್ಲಿದ್ದಾರೆ.
ಸಹಾನುಭೂತಿ ತೋರಿಸಬೇಕು ಎಂದು ಅವರು ಆಗ್ರಹಿಸಿದರು. ಸಚಿವರ ಹೇಳಿಕೆಗಳು ಗುತ್ತಿಗೆದಾರರಿಗೆ ನೋವುಂಟು ಮಾಡಿವೆ. ಈ ಪ್ರತಿಭಟನೆಯ ಮೂಲಕ ಸರ್ಕಾರದ ಗಮನ ಸೆಳೆಯಲಾಗುವುದು.
1.5 ಲಕ್ಷ ಗುತ್ತಿಗೆದಾರರು ತೀವ್ರ ಆರ್ಥಿಕ ಸಂಕಷ್ಟಕ್ಕೆ ಒಳಗಾಗಿದ್ದಾರೆ. ಬಿಲ್ ಪಾವತಿ ಮಾಡದೆ ಹೋದರೆ ಕಾಮಗಾರಿ ಸ್ಥಗಿತಗೊಳಿಸುವ ಎಚ್ಚರಿಕೆ ನೀಡಿದರು. ಈ ಪ್ರಕ್ರಿಯೆ ಮುಂದುವರಿಸಲು ನಮಗೆ ಸಹಕಾರ ನೀಡಿ ಎಂದರು.
